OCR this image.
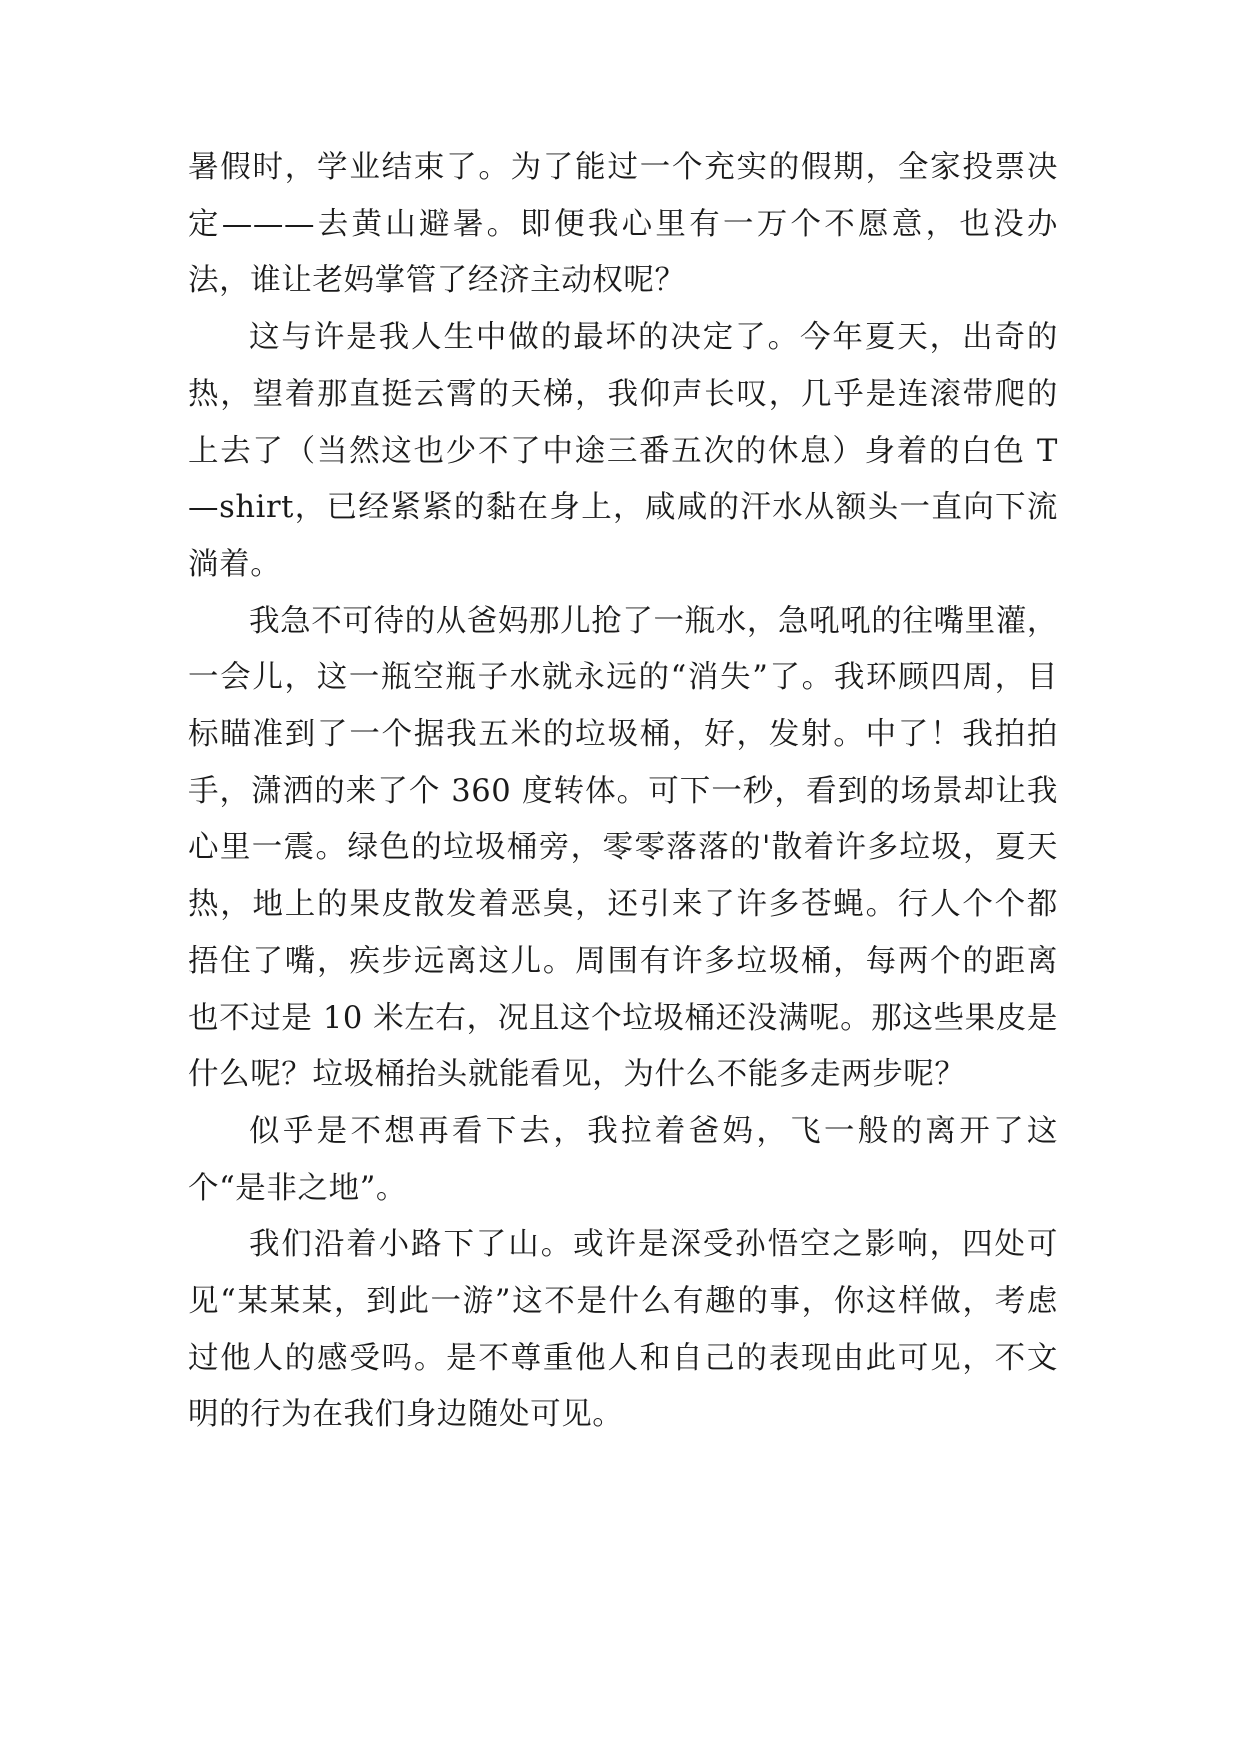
暑假时，学业结束了。为了能过一个充实的假期，全家投票决定———去黄山避暑。即便我心里有一万个不愿意，也没办法，谁让老妈掌管了经济主动权呢？

这与许是我人生中做的最坏的决定了。今年夏天，出奇的热，望着那直挺云霄的天梯，我仰声长叹，几乎是连滚带爬的上去了（当然这也少不了中途三番五次的休息）身着的白色 T—shirt，已经紧紧的黏在身上，咸咸的汗水从额头一直向下流淌着。

我急不可待的从爸妈那儿抢了一瓶水，急吼吼的往嘴里灌，一会儿，这一瓶空瓶子水就永远的“消失”了。我环顾四周，目标瞄准到了一个据我五米的垃圾桶，好，发射。中了！我拍拍手，潇洒的来了个 360 度转体。可下一秒，看到的场景却让我心里一震。绿色的垃圾桶旁，零零落落的'散着许多垃圾，夏天热，地上的果皮散发着恶臭，还引来了许多苍蝇。行人个个都捂住了嘴，疾步远离这儿。周围有许多垃圾桶，每两个的距离也不过是 10 米左右，况且这个垃圾桶还没满呢。那这些果皮是什么呢？垃圾桶抬头就能看见，为什么不能多走两步呢？

似乎是不想再看下去，我拉着爸妈，飞一般的离开了这个“是非之地”。

我们沿着小路下了山。或许是深受孙悟空之影响，四处可见“某某某，到此一游”这不是什么有趣的事，你这样做，考虑过他人的感受吗。是不尊重他人和自己的表现由此可见，不文明的行为在我们身边随处可见。
